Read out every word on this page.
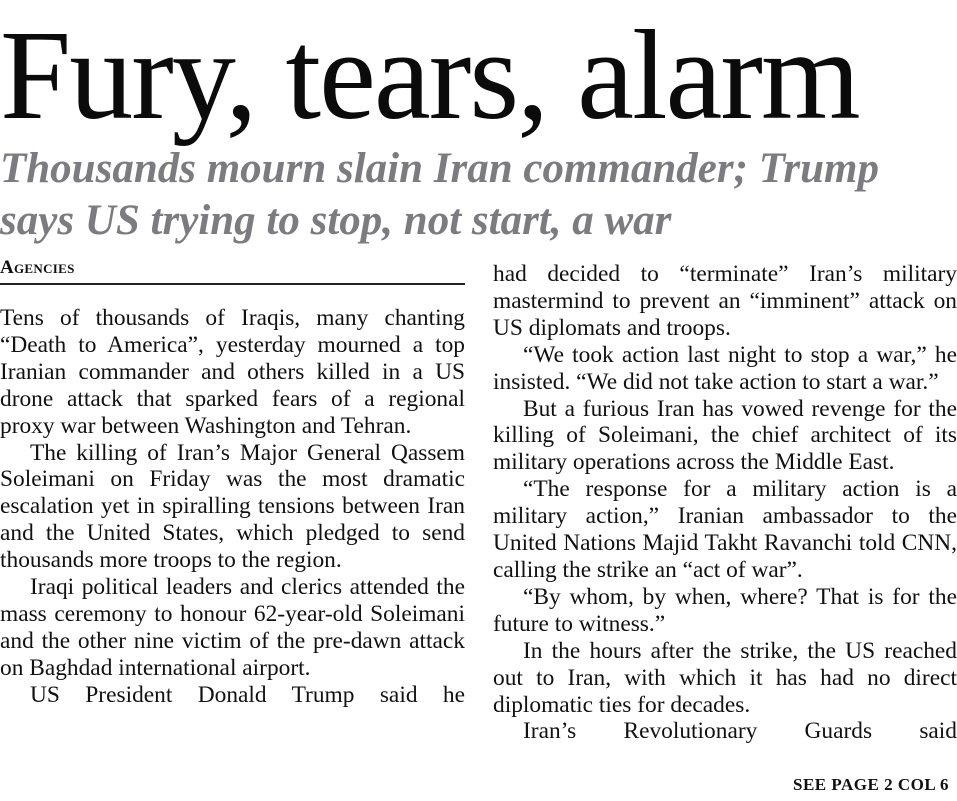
Fury, tears, alarm
Thousands mourn slain Iran commander; Trump says US trying to stop, not start, a war
Agencies

Tens of thousands of Iraqis, many chanting “Death to America”, yesterday mourned a top Iranian commander and others killed in a US drone attack that sparked fears of a regional proxy war between Washington and Tehran.

The killing of Iran’s Major General Qassem Soleimani on Friday was the most dramatic escalation yet in spiralling tensions between Iran and the United States, which pledged to send thousands more troops to the region.

Iraqi political leaders and clerics attended the mass ceremony to honour 62-year-old Soleimani and the other nine victim of the pre-dawn attack on Baghdad international airport.

US President Donald Trump said he

had decided to “terminate” Iran’s military mastermind to prevent an “imminent” attack on US diplomats and troops.

“We took action last night to stop a war,” he insisted. “We did not take action to start a war.”

But a furious Iran has vowed revenge for the killing of Soleimani, the chief architect of its military operations across the Middle East.

“The response for a military action is a military action,” Iranian ambassador to the United Nations Majid Takht Ravanchi told CNN, calling the strike an “act of war”.

“By whom, by when, where? That is for the future to witness.”

In the hours after the strike, the US reached out to Iran, with which it has had no direct diplomatic ties for decades.

Iran’s Revolutionary Guards said

SEE PAGE 2 COL 6
